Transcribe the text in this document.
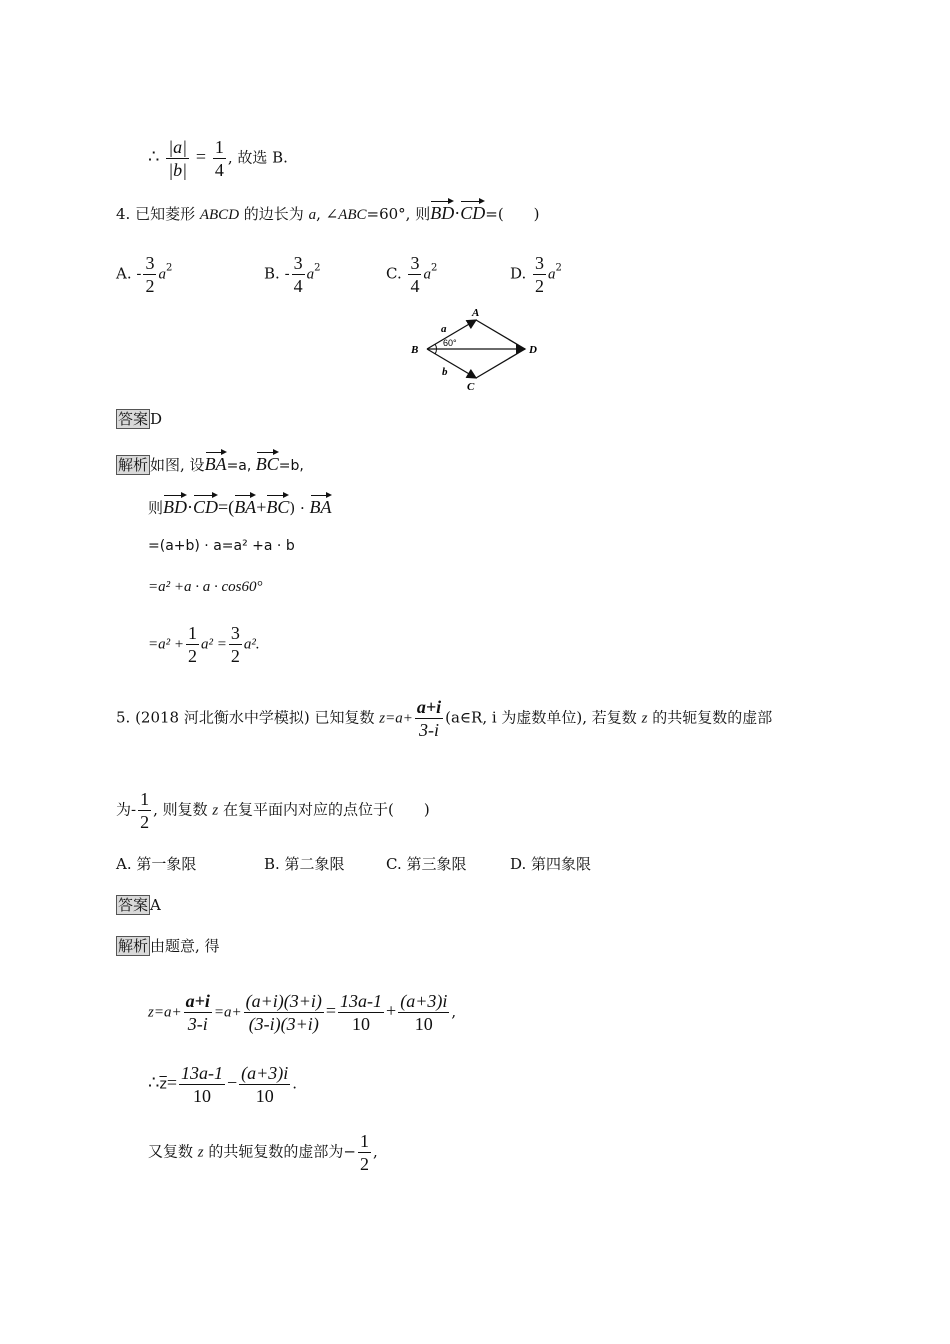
∴ $\frac{|a|}{|b|} = \frac{1}{4}$ , 故选 B.
4. 已知菱形 ABCD 的边长为 a, ∠ABC=60°, 则BD·CD=(　　)
A. - $\frac{3}{2} a^2$	B. - $\frac{3}{4} a^2$	C. $\frac{3}{4} a^2$	D. $\frac{3}{2} a^2$
A
B
C
D
a
b
60°
答案 D
解析 如图, 设BA=a, BC=b,
则BD·CD=(BA+BC) · BA
=(a+b) · a=a² +a · b
=a² +a · a · cos60°
$=a^2 + \frac{1}{2} a^2 = \frac{3}{2} a^2$.
5. (2018 河北衡水中学模拟) 已知复数 $z=a+ \frac{a+i}{3-i}$ (a∈R, i 为虚数单位), 若复数 z 的共轭复数的虚部
为- $\frac{1}{2}$ , 则复数 z 在复平面内对应的点位于(　　)
A. 第一象限	B. 第二象限	C. 第三象限	D. 第四象限
答案 A
解析 由题意, 得
$z=a+ \frac{a+i}{3-i} =a+ \frac{(a+i)(3+i)}{(3-i)(3+i)} = \frac{13a-1}{10} + \frac{(a+3)i}{10}$ ,
$\therefore\overline{z}= \frac{13a-1}{10} - \frac{(a+3)i}{10}$ .
又复数 z 的共轭复数的虚部为− $\frac{1}{2}$ ,
